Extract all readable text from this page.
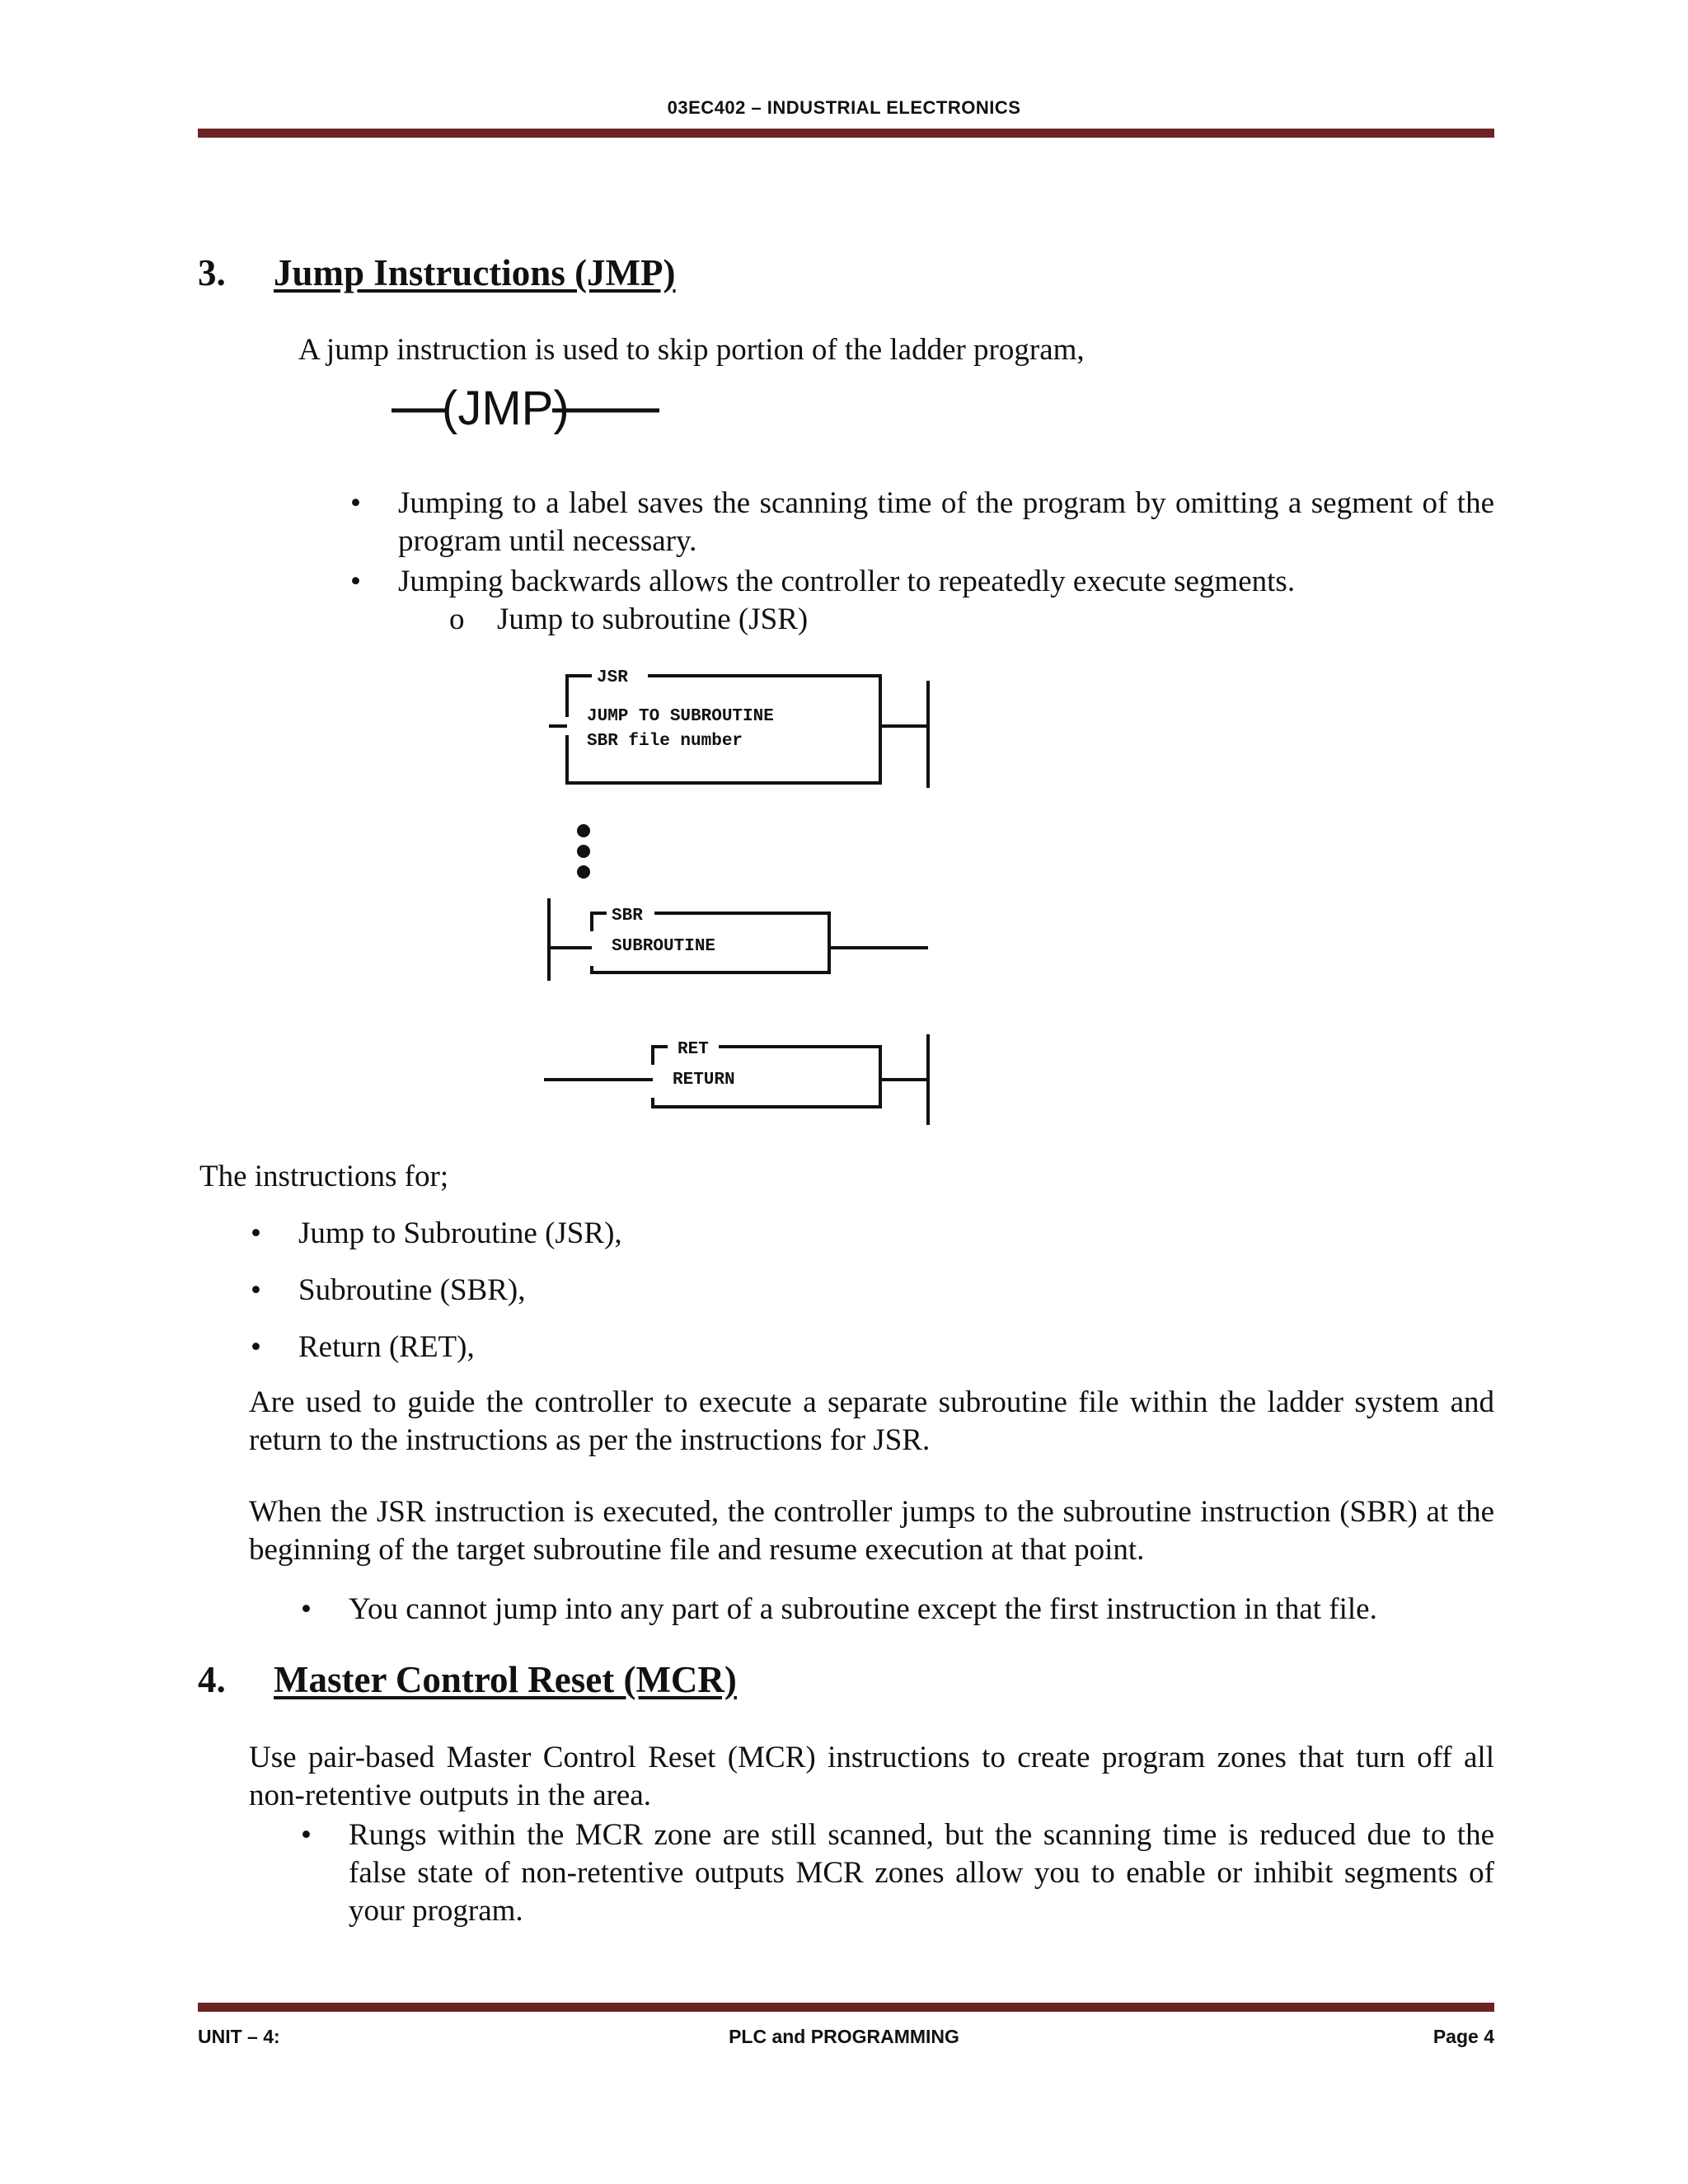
03EC402 – INDUSTRIAL ELECTRONICS
3. Jump Instructions (JMP)
A jump instruction is used to skip portion of the ladder program,
(JMP)
• Jumping to a label saves the scanning time of the program by omitting a segment of the program until necessary.
• Jumping backwards allows the controller to repeatedly execute segments.
o Jump to subroutine (JSR)
JSR
JUMP TO SUBROUTINE
SBR file number
SBR
SUBROUTINE
RET
RETURN
The instructions for;
• Jump to Subroutine (JSR),
• Subroutine (SBR),
• Return (RET),
Are used to guide the controller to execute a separate subroutine file within the ladder system and return to the instructions as per the instructions for JSR.
When the JSR instruction is executed, the controller jumps to the subroutine instruction (SBR) at the beginning of the target subroutine file and resume execution at that point.
• You cannot jump into any part of a subroutine except the first instruction in that file.
4. Master Control Reset (MCR)
Use pair-based Master Control Reset (MCR) instructions to create program zones that turn off all non-retentive outputs in the area.
• Rungs within the MCR zone are still scanned, but the scanning time is reduced due to the false state of non-retentive outputs MCR zones allow you to enable or inhibit segments of your program.
UNIT – 4:	PLC and PROGRAMMING	Page 4
